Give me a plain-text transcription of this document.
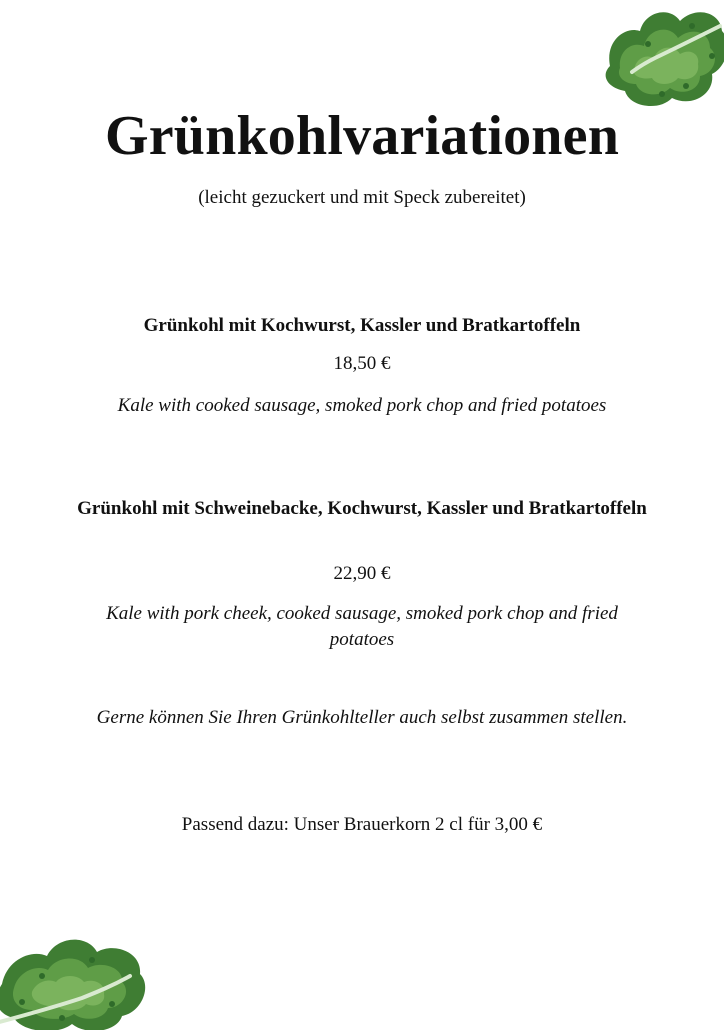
Grünkohlvariationen
(leicht gezuckert und mit Speck zubereitet)
Grünkohl mit Kochwurst, Kassler und Bratkartoffeln
18,50 €
Kale with cooked sausage, smoked pork chop and fried potatoes
Grünkohl mit Schweinebacke, Kochwurst, Kassler und Bratkartoffeln
22,90 €
Kale with pork cheek, cooked sausage, smoked pork chop and fried potatoes
Gerne können Sie Ihren Grünkohlteller auch selbst zusammen stellen.
Passend dazu: Unser Brauerkorn 2 cl für 3,00 €
